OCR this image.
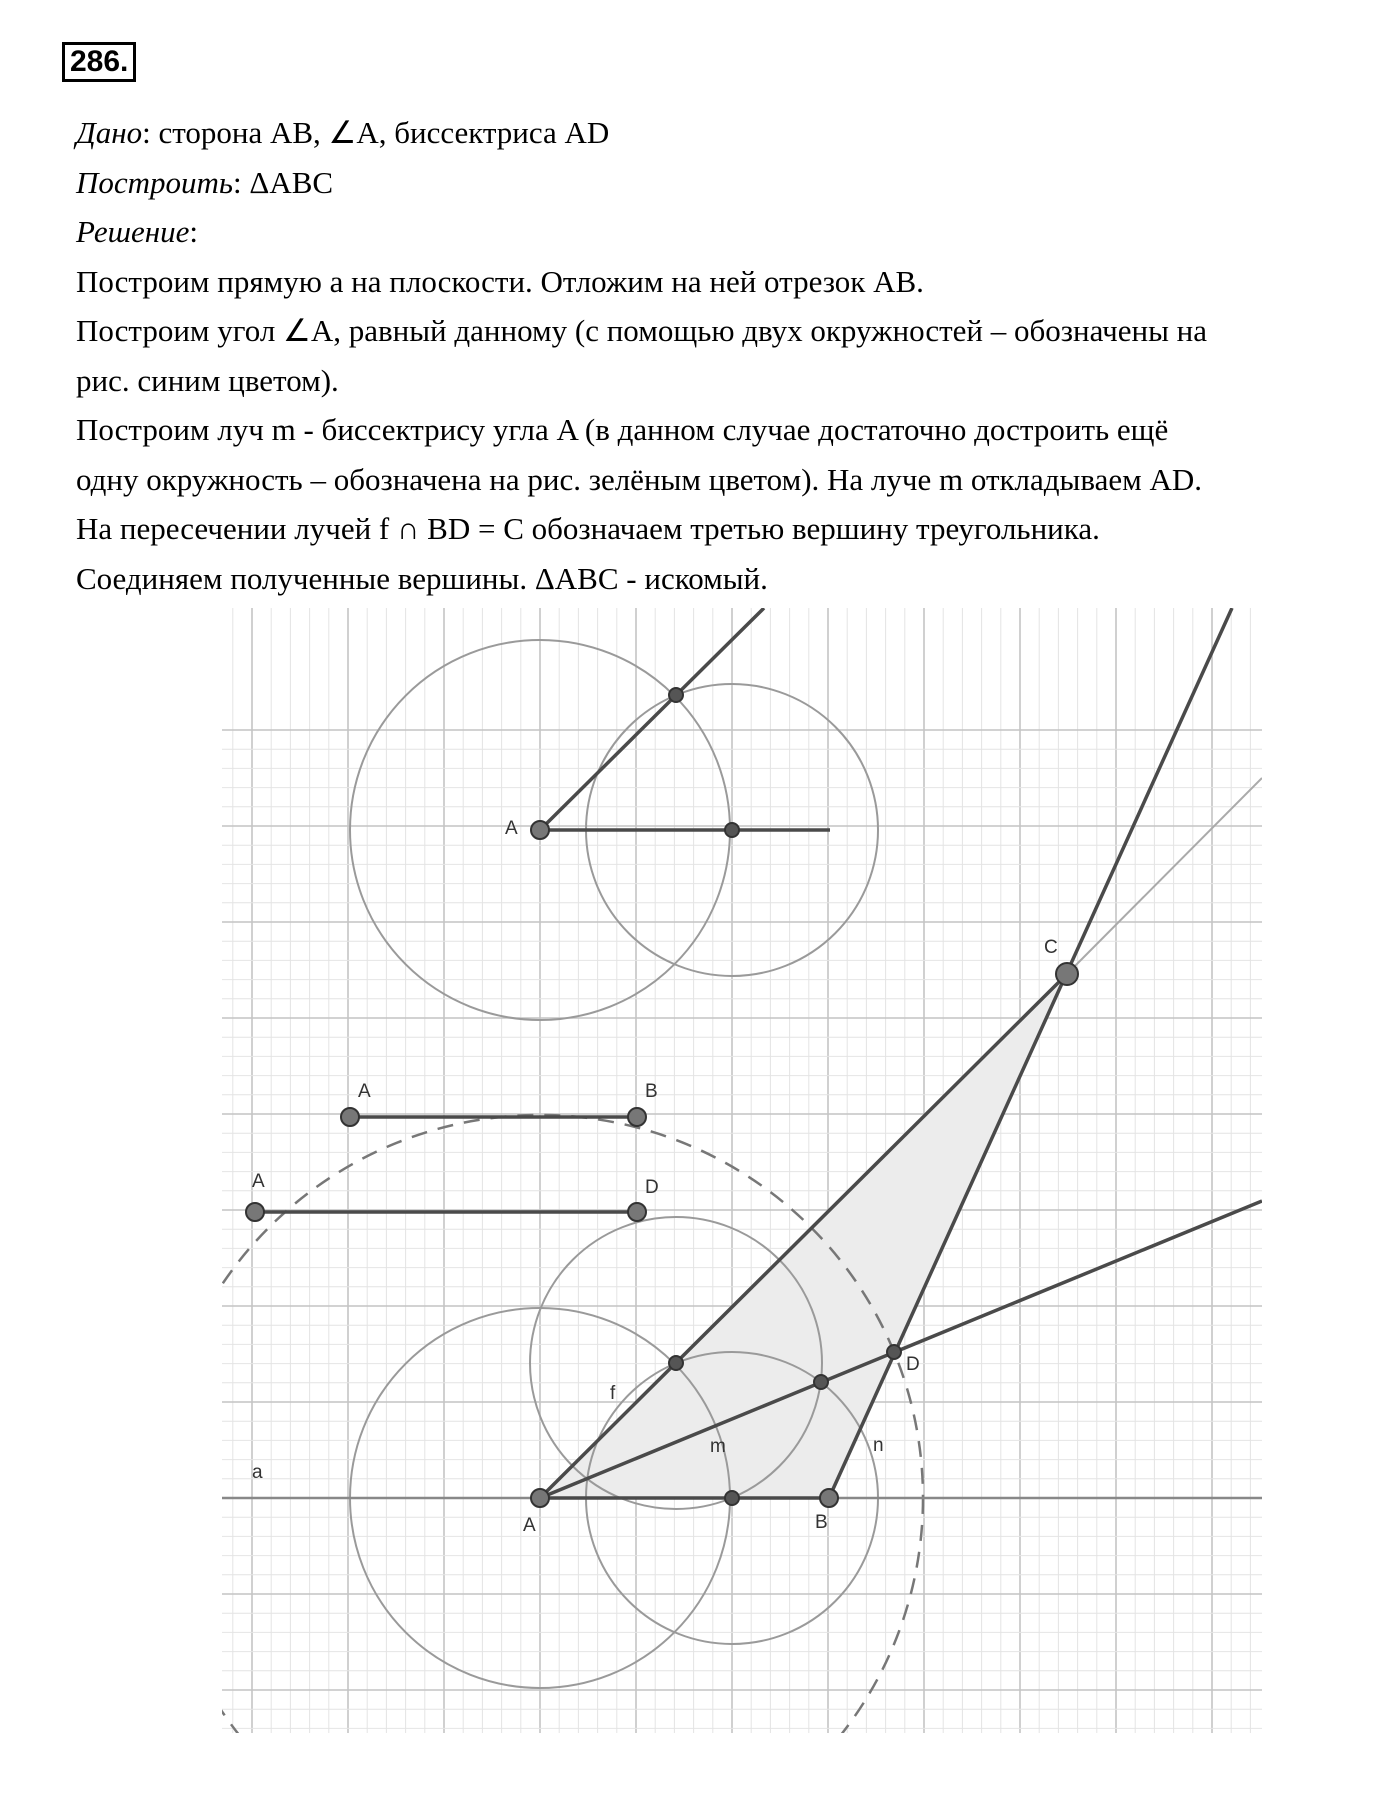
286.
Дано: сторона AB, ∠A, биссектриса AD
Построить: ΔABC
Решение:
Построим прямую a на плоскости. Отложим на ней отрезок AB.
Построим угол ∠A, равный данному (с помощью двух окружностей – обозначены на
рис. синим цветом).
Построим луч m - биссектрису угла A (в данном случае достаточно достроить ещё
одну окружность – обозначена на рис. зелёным цветом). На луче m откладываем AD.
На пересечении лучей f ∩ BD = C обозначаем третью вершину треугольника.
Соединяем полученные вершины. ΔABC - искомый.
A
A	B
A	D
C
D
A	B
a
f
m	n
